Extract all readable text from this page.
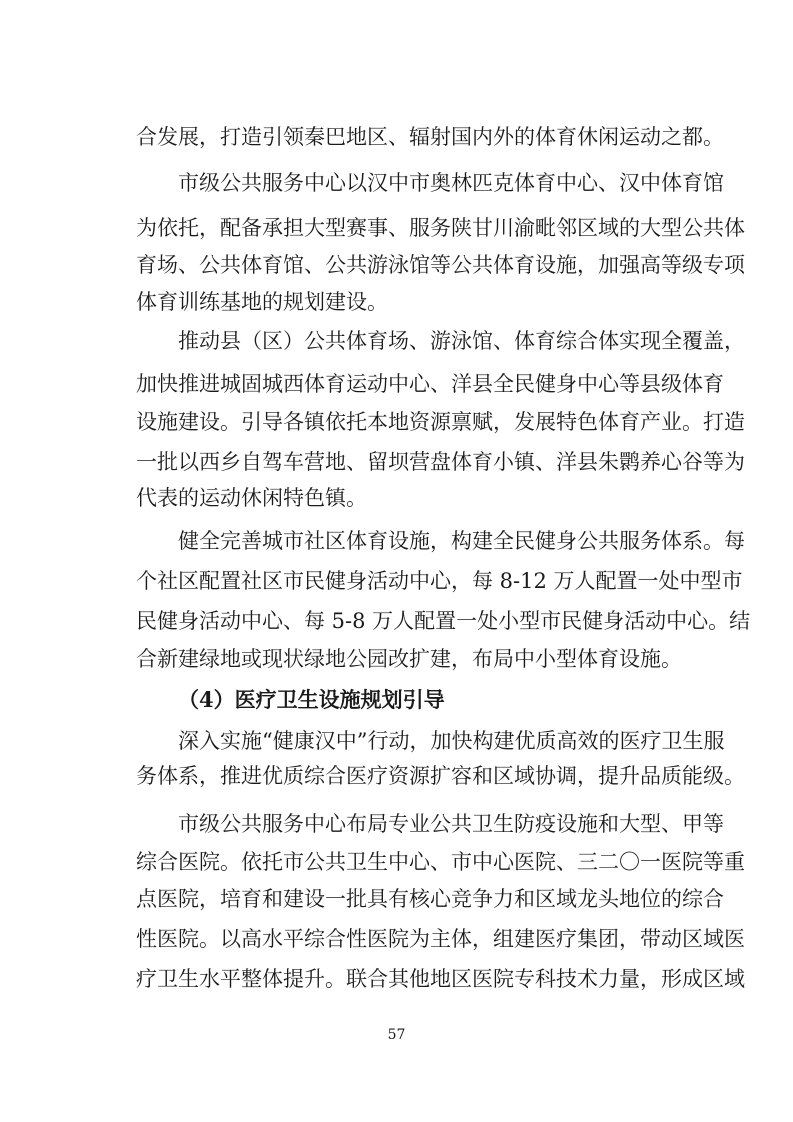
合发展，打造引领秦巴地区、辐射国内外的体育休闲运动之都。

市级公共服务中心以汉中市奥林匹克体育中心、汉中体育馆

为依托，配备承担大型赛事、服务陕甘川渝毗邻区域的大型公共体

育场、公共体育馆、公共游泳馆等公共体育设施，加强高等级专项

体育训练基地的规划建设。

推动县（区）公共体育场、游泳馆、体育综合体实现全覆盖，

加快推进城固城西体育运动中心、洋县全民健身中心等县级体育

设施建设。引导各镇依托本地资源禀赋，发展特色体育产业。打造

一批以西乡自驾车营地、留坝营盘体育小镇、洋县朱鹮养心谷等为

代表的运动休闲特色镇。

健全完善城市社区体育设施，构建全民健身公共服务体系。每

个社区配置社区市民健身活动中心，每 8-12 万人配置一处中型市

民健身活动中心、每 5-8 万人配置一处小型市民健身活动中心。结

合新建绿地或现状绿地公园改扩建，布局中小型体育设施。

（4）医疗卫生设施规划引导

深入实施“健康汉中”行动，加快构建优质高效的医疗卫生服

务体系，推进优质综合医疗资源扩容和区域协调，提升品质能级。

市级公共服务中心布局专业公共卫生防疫设施和大型、甲等

综合医院。依托市公共卫生中心、市中心医院、三二〇一医院等重

点医院，培育和建设一批具有核心竞争力和区域龙头地位的综合

性医院。以高水平综合性医院为主体，组建医疗集团，带动区域医

疗卫生水平整体提升。联合其他地区医院专科技术力量，形成区域

57
